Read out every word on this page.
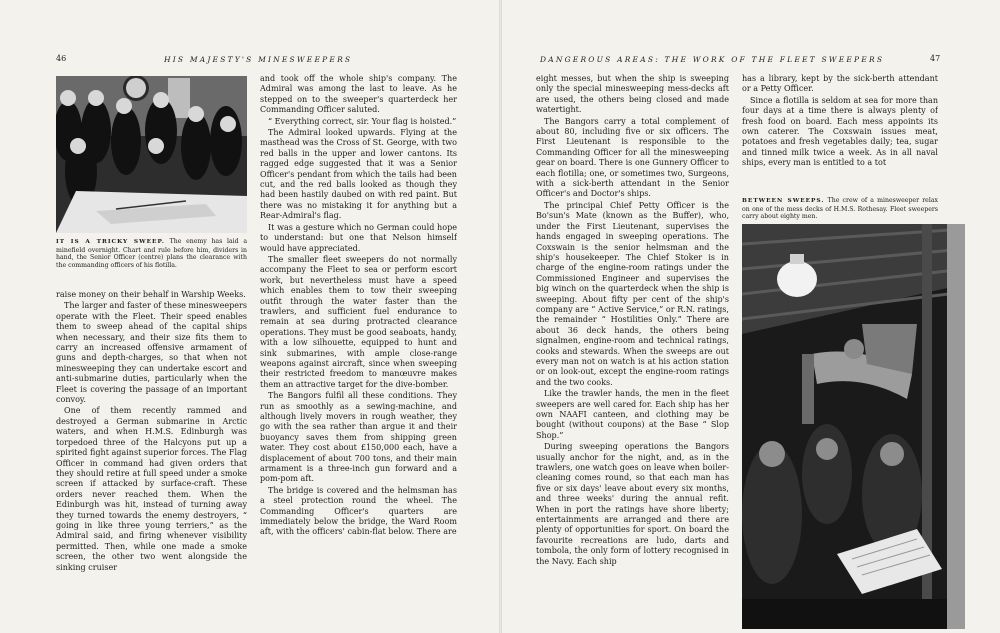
46	HIS MAJESTY'S MINESWEEPERS
IT IS A TRICKY SWEEP. The enemy has laid a minefield overnight. Chart and rule before him, dividers in hand, the Senior Officer (centre) plans the clearance with the commanding officers of his flotilla.

raise money on their behalf in Warship Weeks.

The larger and faster of these minesweepers operate with the Fleet. Their speed enables them to sweep ahead of the capital ships when necessary, and their size fits them to carry an increased offensive armament of guns and depth-charges, so that when not minesweeping they can undertake escort and anti-submarine duties, particularly when the Fleet is covering the passage of an important convoy.

One of them recently rammed and destroyed a German submarine in Arctic waters, and when H.M.S. Edinburgh was torpedoed three of the Halcyons put up a spirited fight against superior forces. The Flag Officer in command had given orders that they should retire at full speed under a smoke screen if attacked by surface-craft. These orders never reached them. When the Edinburgh was hit, instead of turning away they turned towards the enemy destroyers, “ going in like three young terriers,” as the Admiral said, and firing whenever visibility permitted. Then, while one made a smoke screen, the other two went alongside the sinking cruiser

and took off the whole ship's company. The Admiral was among the last to leave. As he stepped on to the sweeper's quarterdeck her Commanding Officer saluted.

“ Everything correct, sir. Your flag is hoisted.”

The Admiral looked upwards. Flying at the masthead was the Cross of St. George, with two red balls in the upper and lower cantons. Its ragged edge suggested that it was a Senior Officer's pendant from which the tails had been cut, and the red balls looked as though they had been hastily daubed on with red paint. But there was no mistaking it for anything but a Rear-Admiral's flag.

It was a gesture which no German could hope to understand: but one that Nelson himself would have appreciated.

The smaller fleet sweepers do not normally accompany the Fleet to sea or perform escort work, but nevertheless must have a speed which enables them to tow their sweeping outfit through the water faster than the trawlers, and sufficient fuel endurance to remain at sea during protracted clearance operations. They must be good seaboats, handy, with a low silhouette, equipped to hunt and sink submarines, with ample close-range weapons against aircraft, since when sweeping their restricted freedom to manœuvre makes them an attractive target for the dive-bomber.

The Bangors fulfil all these conditions. They run as smoothly as a sewing-machine, and although lively movers in rough weather, they go with the sea rather than argue it and their buoyancy saves them from shipping green water. They cost about £150,000 each, have a displacement of about 700 tons, and their main armament is a three-inch gun forward and a pom-pom aft.

The bridge is covered and the helmsman has a steel protection round the wheel. The Commanding Officer's quarters are immediately below the bridge, the Ward Room aft, with the officers' cabin-flat below. There are

DANGEROUS AREAS: THE WORK OF THE FLEET SWEEPERS	47

eight messes, but when the ship is sweeping only the special minesweeping mess-decks aft are used, the others being closed and made watertight.

The Bangors carry a total complement of about 80, including five or six officers. The First Lieutenant is responsible to the Commanding Officer for all the minesweeping gear on board. There is one Gunnery Officer to each flotilla; one, or sometimes two, Surgeons, with a sick-berth attendant in the Senior Officer's and Doctor's ships.

The principal Chief Petty Officer is the Bo'sun's Mate (known as the Buffer), who, under the First Lieutenant, supervises the hands engaged in sweeping operations. The Coxswain is the senior helmsman and the ship's housekeeper. The Chief Stoker is in charge of the engine-room ratings under the Commissioned Engineer and supervises the big winch on the quarterdeck when the ship is sweeping. About fifty per cent of the ship's company are “ Active Service,” or R.N. ratings, the remainder “ Hostilities Only.” There are about 36 deck hands, the others being signalmen, engine-room and technical ratings, cooks and stewards. When the sweeps are out every man not on watch is at his action station or on look-out, except the engine-room ratings and the two cooks.

Like the trawler hands, the men in the fleet sweepers are well cared for. Each ship has her own NAAFI canteen, and clothing may be bought (without coupons) at the Base “ Slop Shop.”

During sweeping operations the Bangors usually anchor for the night, and, as in the trawlers, one watch goes on leave when boiler-cleaning comes round, so that each man has five or six days' leave about every six months, and three weeks' during the annual refit. When in port the ratings have shore liberty; entertainments are arranged and there are plenty of opportunities for sport. On board the favourite recreations are ludo, darts and tombola, the only form of lottery recognised in the Navy. Each ship

has a library, kept by the sick-berth attendant or a Petty Officer.

Since a flotilla is seldom at sea for more than four days at a time there is always plenty of fresh food on board. Each mess appoints its own caterer. The Coxswain issues meat, potatoes and fresh vegetables daily; tea, sugar and tinned milk twice a week. As in all naval ships, every man is entitled to a tot

BETWEEN SWEEPS. The crew of a minesweeper relax on one of the mess decks of H.M.S. Rothesay. Fleet sweepers carry about eighty men.
